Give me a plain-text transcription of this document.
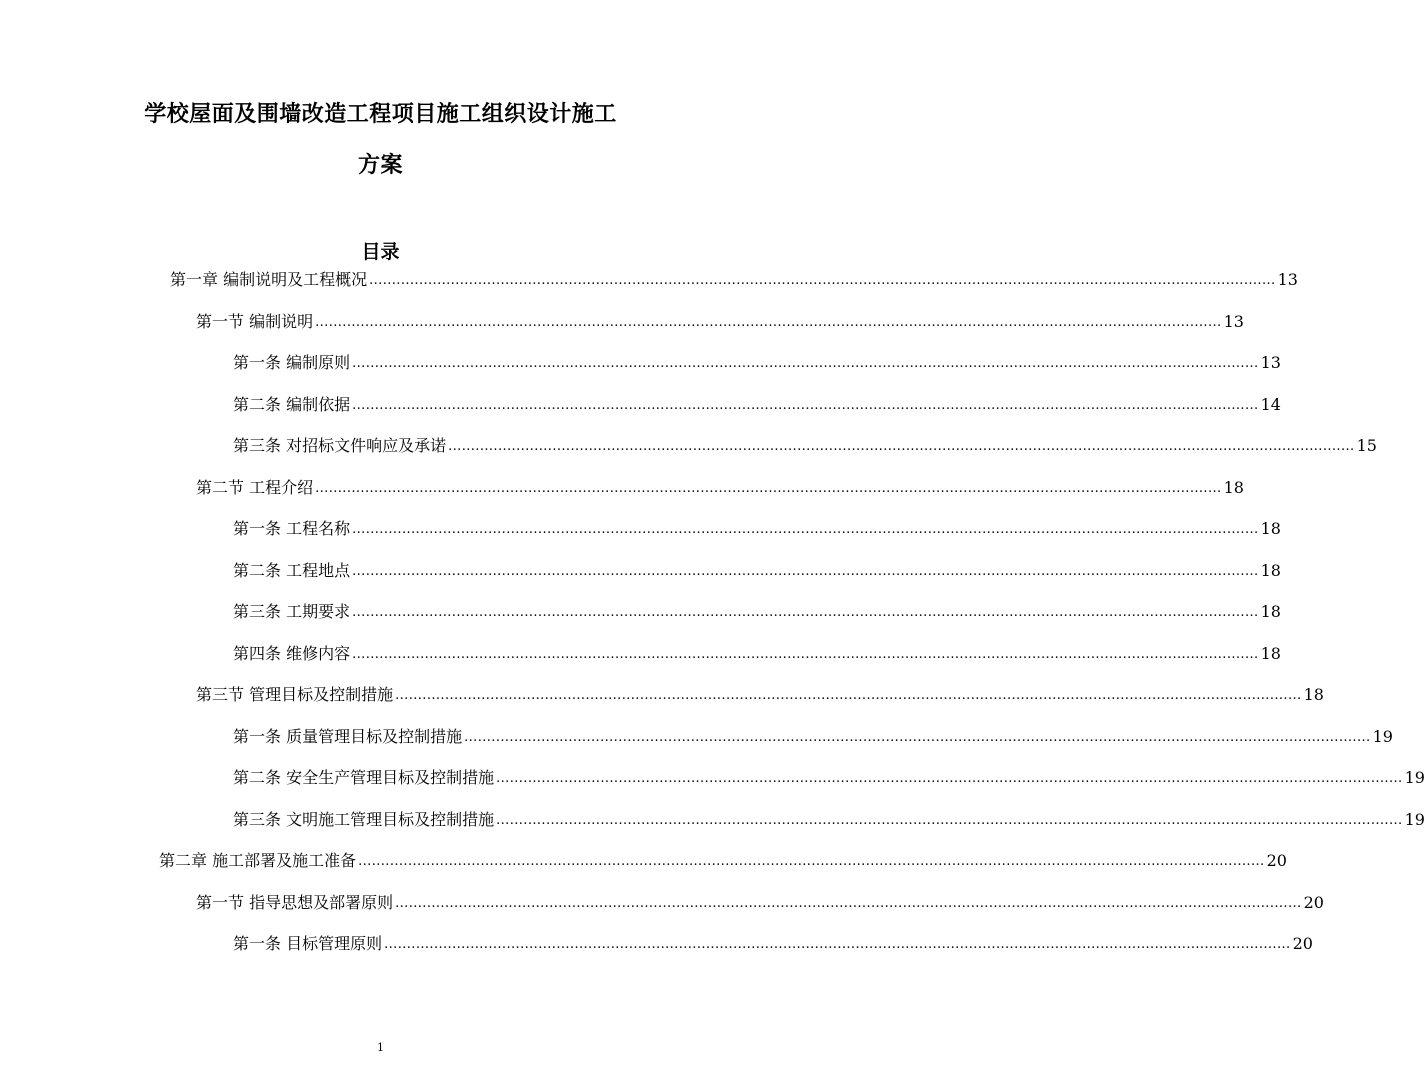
学校屋面及围墙改造工程项目施工组织设计施工
方案
目录
第一章 编制说明及工程概况 ........................................................................................................................................................................................................ 13
第一节 编制说明 ........................................................................................................................................................................................................ 13
第一条 编制原则 ........................................................................................................................................................................................................ 13
第二条 编制依据 ........................................................................................................................................................................................................ 14
第三条 对招标文件响应及承诺 ........................................................................................................................................................................................................ 15
第二节 工程介绍 ........................................................................................................................................................................................................ 18
第一条 工程名称 ........................................................................................................................................................................................................ 18
第二条 工程地点 ........................................................................................................................................................................................................ 18
第三条 工期要求 ........................................................................................................................................................................................................ 18
第四条 维修内容 ........................................................................................................................................................................................................ 18
第三节 管理目标及控制措施 ........................................................................................................................................................................................................ 18
第一条 质量管理目标及控制措施 ........................................................................................................................................................................................................ 19
第二条 安全生产管理目标及控制措施 ........................................................................................................................................................................................................ 19
第三条 文明施工管理目标及控制措施 ........................................................................................................................................................................................................ 19
第二章 施工部署及施工准备 ........................................................................................................................................................................................................ 20
第一节 指导思想及部署原则 ........................................................................................................................................................................................................ 20
第一条 目标管理原则 ........................................................................................................................................................................................................ 20
1
